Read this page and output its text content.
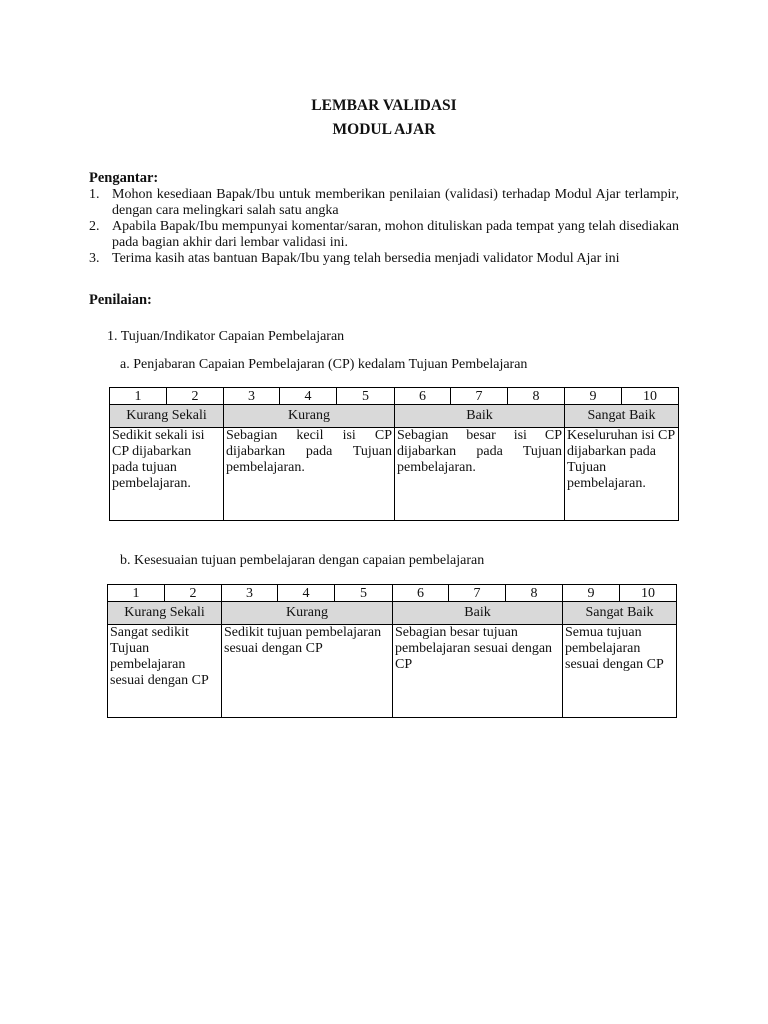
LEMBAR VALIDASI
MODUL AJAR
Pengantar:
1. Mohon kesediaan Bapak/Ibu untuk memberikan penilaian (validasi) terhadap Modul Ajar terlampir, dengan cara melingkari salah satu angka
2. Apabila Bapak/Ibu mempunyai komentar/saran, mohon dituliskan pada tempat yang telah disediakan pada bagian akhir dari lembar validasi ini.
3. Terima kasih atas bantuan Bapak/Ibu yang telah bersedia menjadi validator Modul Ajar ini
Penilaian:
1. Tujuan/Indikator Capaian Pembelajaran
a. Penjabaran Capaian Pembelajaran (CP) kedalam Tujuan Pembelajaran
1	2	3	4	5	6	7	8	9	10
Kurang Sekali		Kurang			Baik			Sangat Baik	
Sedikit sekali isi CP dijabarkan pada tujuan pembelajaran.		Sebagian kecil isi CP dijabarkan pada Tujuan pembelajaran.			Sebagian besar isi CP dijabarkan pada Tujuan pembelajaran.			Keseluruhan isi CP dijabarkan pada Tujuan pembelajaran.	
b. Kesesuaian tujuan pembelajaran dengan capaian pembelajaran
1	2	3	4	5	6	7	8	9	10
Kurang Sekali		Kurang			Baik			Sangat Baik	
Sangat sedikit Tujuan pembelajaran sesuai dengan CP		Sedikit tujuan pembelajaran sesuai dengan CP			Sebagian besar tujuan pembelajaran sesuai dengan CP			Semua tujuan pembelajaran sesuai dengan CP	
